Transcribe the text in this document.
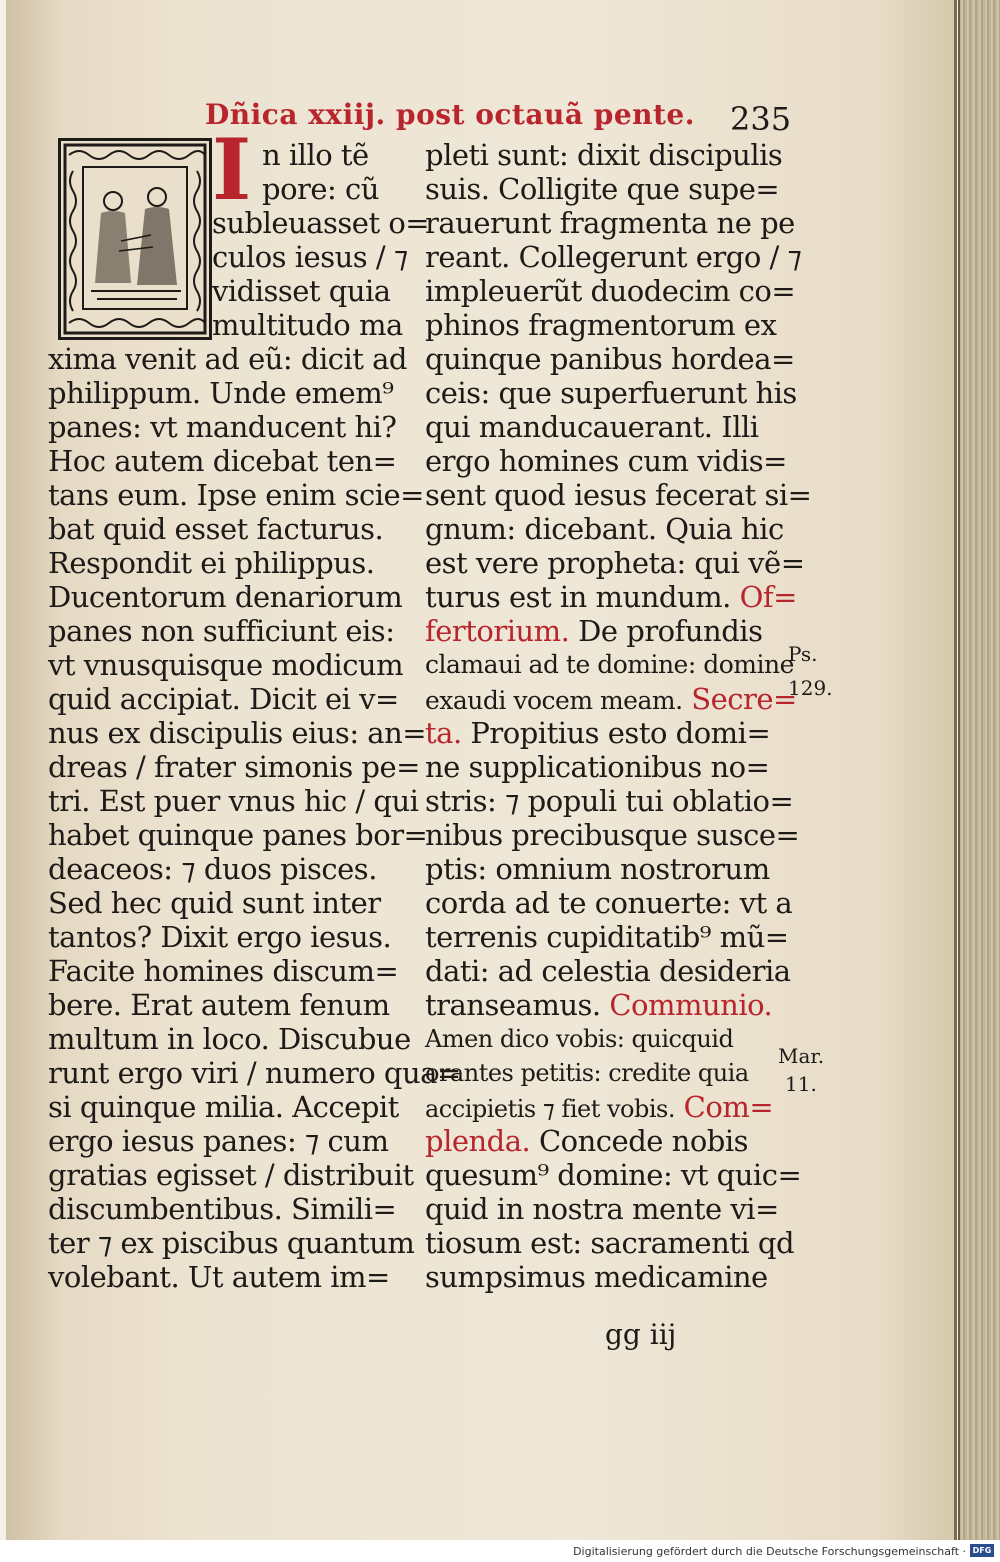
Dñica xxiij. post octauã pente. 235
I n illo tẽ
pore: cũ
subleuasset o=
culos iesus / ⁊
vidisset quia
multitudo ma
xima venit ad eũ: dicit ad
philippum. Unde emem⁹
panes: vt manducent hi?
Hoc autem dicebat ten=
tans eum. Ipse enim scie=
bat quid esset facturus.
Respondit ei philippus.
Ducentorum denariorum
panes non sufficiunt eis:
vt vnusquisque modicum
quid accipiat. Dicit ei v=
nus ex discipulis eius: an=
dreas / frater simonis pe=
tri. Est puer vnus hic / qui
habet quinque panes bor=
deaceos: ⁊ duos pisces.
Sed hec quid sunt inter
tantos? Dixit ergo iesus.
Facite homines discum=
bere. Erat autem fenum
multum in loco. Discubue
runt ergo viri / numero qua=
si quinque milia. Accepit
ergo iesus panes: ⁊ cum
gratias egisset / distribuit
discumbentibus. Simili=
ter ⁊ ex piscibus quantum
volebant. Ut autem im=
pleti sunt: dixit discipulis
suis. Colligite que supe=
rauerunt fragmenta ne pe
reant. Collegerunt ergo / ⁊
impleuerũt duodecim co=
phinos fragmentorum ex
quinque panibus hordea=
ceis: que superfuerunt his
qui manducauerant. Illi
ergo homines cum vidis=
sent quod iesus fecerat si=
gnum: dicebant. Quia hic
est vere propheta: qui vẽ=
turus est in mundum. Of=
fertorium. De profundis
clamaui ad te domine: domine
exaudi vocem meam. Secre=
ta. Propitius esto domi=
ne supplicationibus no=
stris: ⁊ populi tui oblatio=
nibus precibusque susce=
ptis: omnium nostrorum
corda ad te conuerte: vt a
terrenis cupiditatib⁹ mũ=
dati: ad celestia desideria
transeamus. Communio.
Amen dico vobis: quicquid
orantes petitis: credite quia
accipietis ⁊ fiet vobis. Com=
plenda. Concede nobis
quesum⁹ domine: vt quic=
quid in nostra mente vi=
tiosum est: sacramenti qd
sumpsimus medicamine
Ps.
129.
Mar.
11.
gg iij
Digitalisierung gefördert durch die Deutsche Forschungsgemeinschaft · DFG
